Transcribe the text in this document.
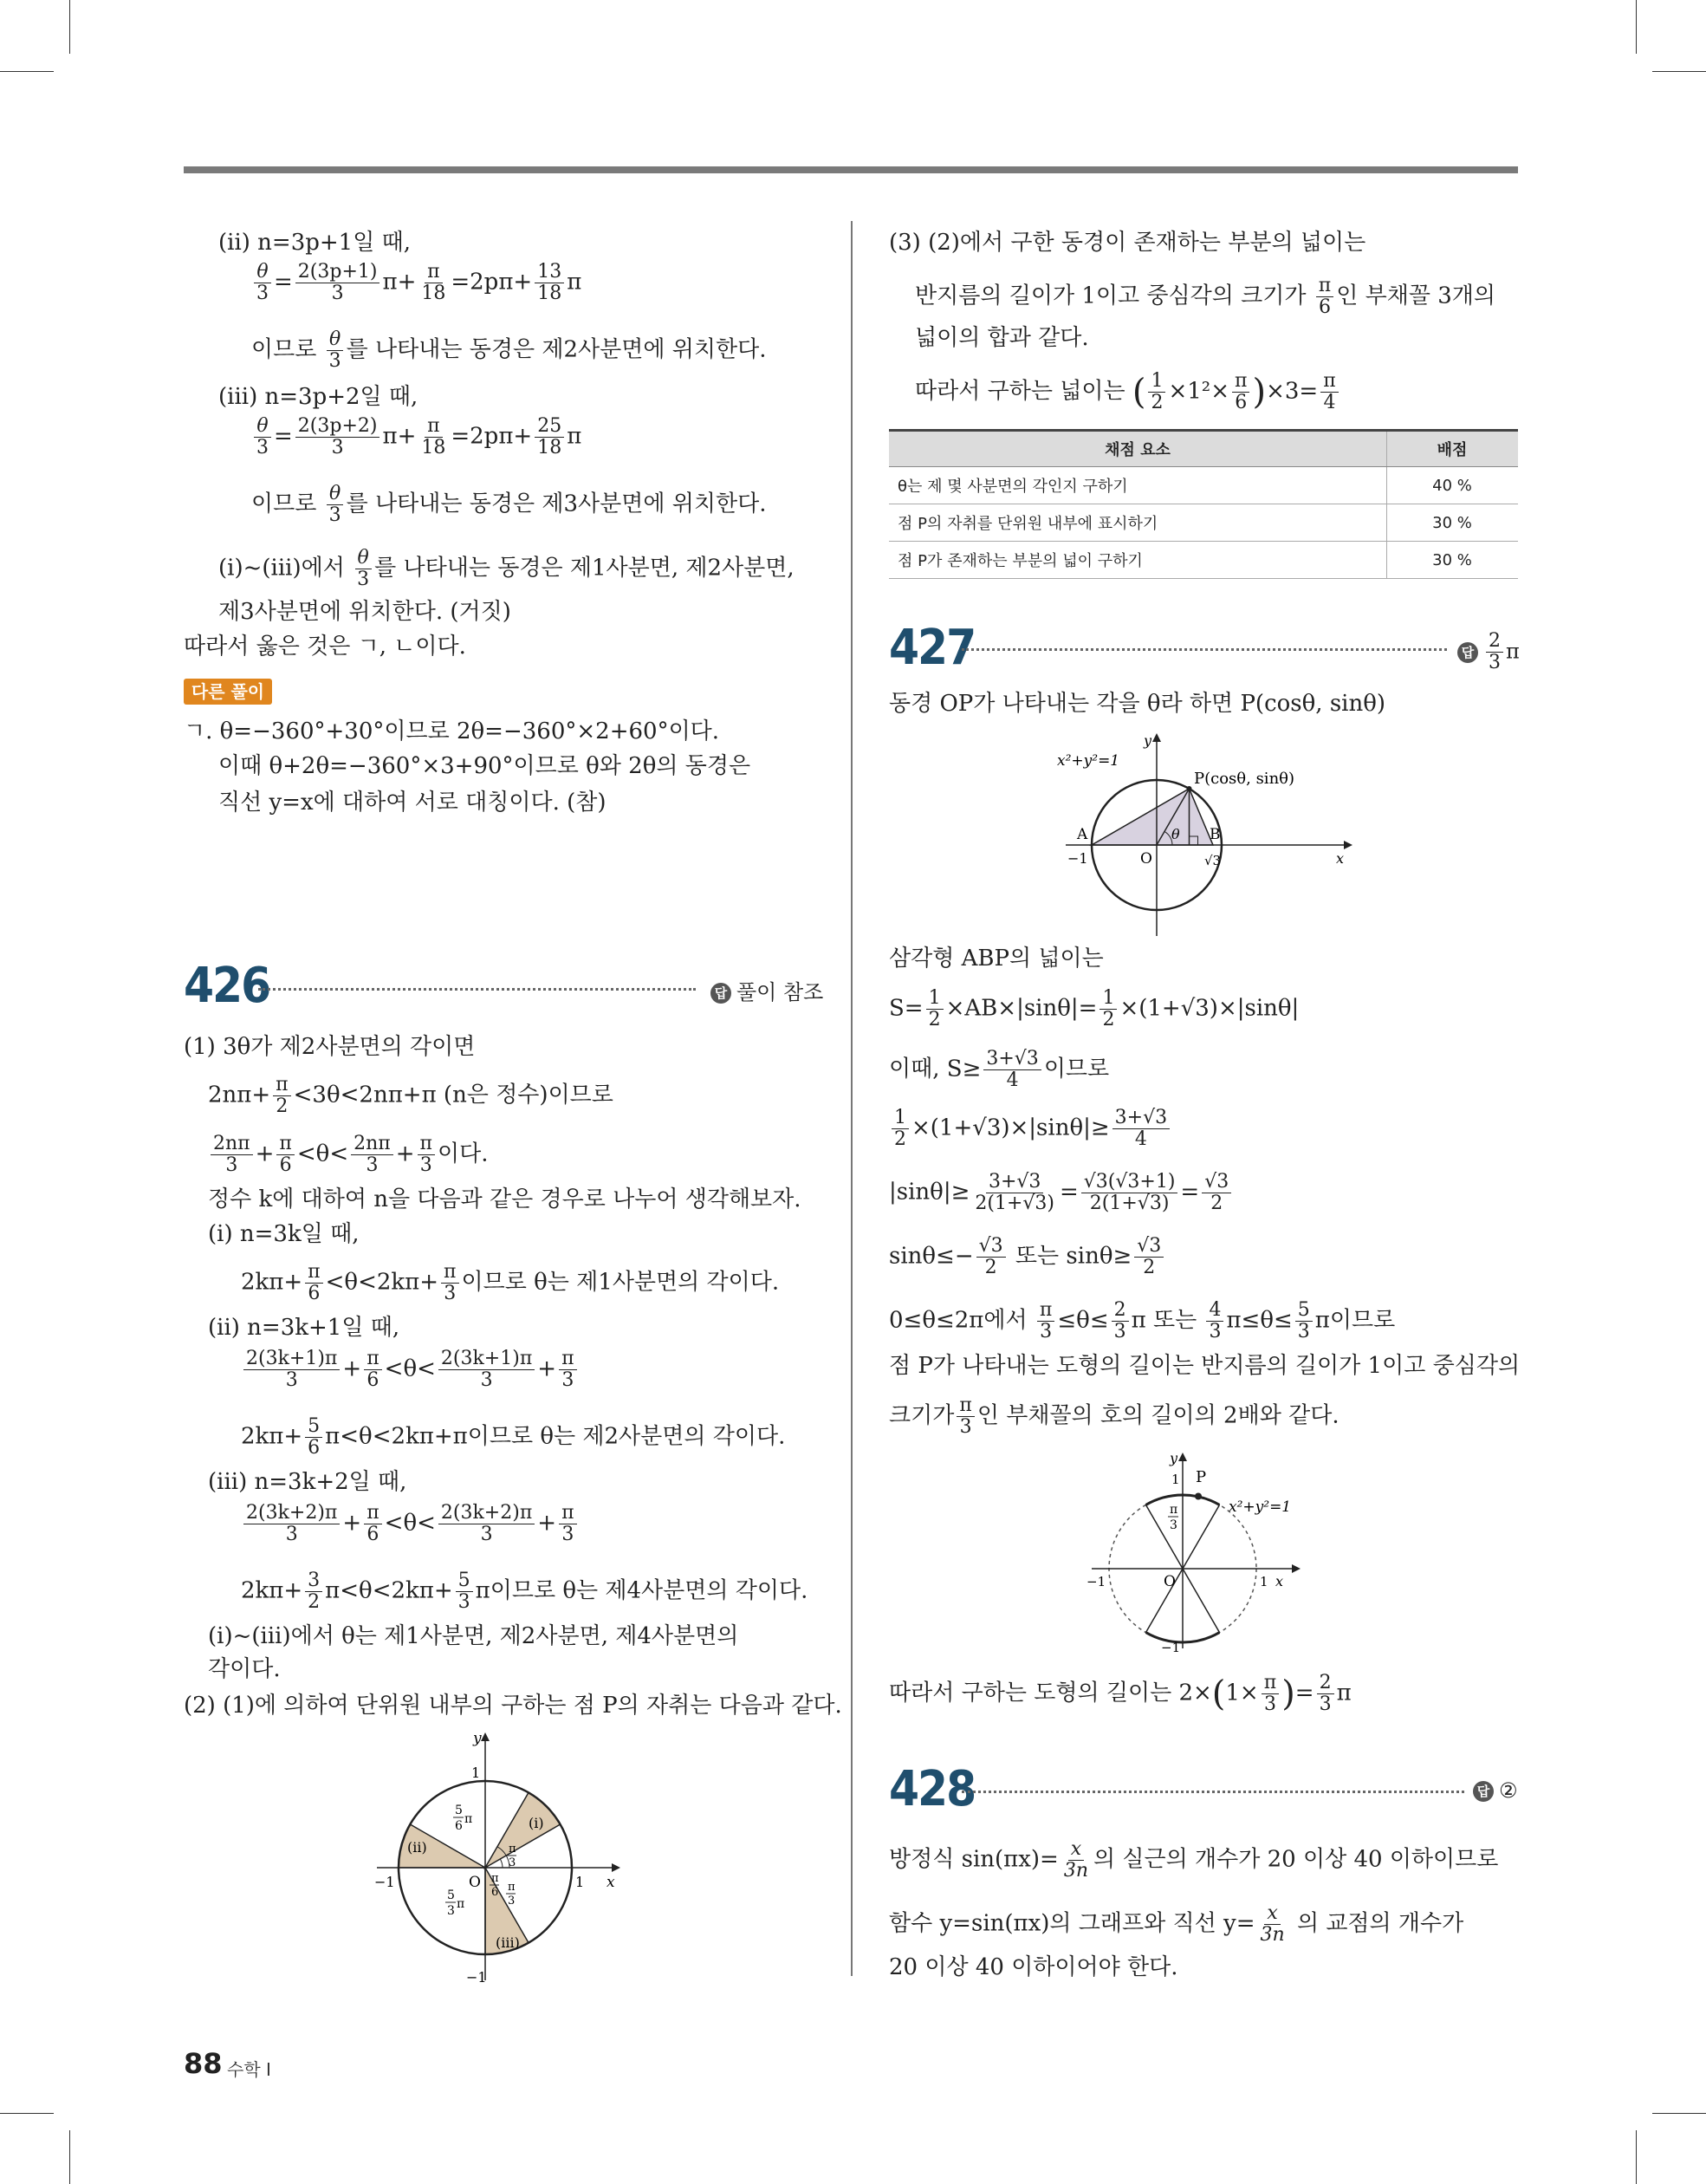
(ii) n=3p+1일 때,
$\frac{\theta}{3} = \frac{2(3p+1)}{3} \pi+ \frac{\pi}{18} =2p\pi+ \frac{13}{18}$ π
이므로 $\frac{\theta}{3}$ 를 나타내는 동경은 제2사분면에 위치한다.
(iii) n=3p+2일 때,
$\frac{\theta}{3} = \frac{2(3p+2)}{3} \pi+ \frac{\pi}{18} =2p\pi+ \frac{25}{18}$ π
이므로 $\frac{\theta}{3}$ 를 나타내는 동경은 제3사분면에 위치한다.
(i)~(iii)에서 $\frac{\theta}{3}$ 를 나타내는 동경은 제1사분면, 제2사분면,
제3사분면에 위치한다. (거짓)
따라서 옳은 것은 ㄱ, ㄴ이다.
다른 풀이
ㄱ. θ=−360°+30°이므로 2θ=−360°×2+60°이다.
이때 θ+2θ=−360°×3+90°이므로 θ와 2θ의 동경은
직선 y=x에 대하여 서로 대칭이다. (참)
426	답 풀이 참조
(1) 3θ가 제2사분면의 각이면
$2n\pi+ \frac{\pi}{2} <3\theta<2n\pi+\pi$ (n은 정수)이므로
$\frac{2n\pi}{3} + \frac{\pi}{6} <\theta< \frac{2n\pi}{3} + \frac{\pi}{3}$ 이다.
정수 k에 대하여 n을 다음과 같은 경우로 나누어 생각해보자.
(i) n=3k일 때,
$2k\pi+ \frac{\pi}{6} <\theta<2k\pi+ \frac{\pi}{3}$ 이므로 θ는 제1사분면의 각이다.
(ii) n=3k+1일 때,
$\frac{2(3k+1)\pi}{3} + \frac{\pi}{6} <\theta< \frac{2(3k+1)\pi}{3} + \frac{\pi}{3}$
$2k\pi+ \frac{5}{6} \pi<\theta<2k\pi+\pi$이므로 θ는 제2사분면의 각이다.
(iii) n=3k+2일 때,
$\frac{2(3k+2)\pi}{3} + \frac{\pi}{6} <\theta< \frac{2(3k+2)\pi}{3} + \frac{\pi}{3}$
$2k\pi+ \frac{3}{2} \pi<\theta<2k\pi+ \frac{5}{3}$ π이므로 θ는 제4사분면의 각이다.
(i)~(iii)에서 θ는 제1사분면, 제2사분면, 제4사분면의
각이다.
(2) (1)에 의하여 단위원 내부의 구하는 점 P의 자취는 다음과 같다.
y
x
1
1
−1
−1
O
(i)
(ii)
(iii)
5
6 π
5
3 π
π
3
π
6 π
3
(3) (2)에서 구한 동경이 존재하는 부분의 넓이는
반지름의 길이가 1이고 중심각의 크기가 $\frac{\pi}{6}$ 인 부채꼴 3개의
넓이의 합과 같다.
따라서 구하는 넓이는 ( $\frac{1}{2} \times 1^2\times \frac{\pi}{6} )\times 3= \frac{\pi}{4}$
채점 요소	배점
θ는 제 몇 사분면의 각인지 구하기	40 %
점 P의 자취를 단위원 내부에 표시하기	30 %
점 P가 존재하는 부분의 넓이 구하기	30 %
427	답 $\frac{2}{3}$ π
동경 OP가 나타내는 각을 θ라 하면 P(cosθ, sinθ)
y
x
x²+y²=1
P(cosθ, sinθ)
A	B
O
−1	√3
θ
삼각형 ABP의 넓이는
$S= \frac{1}{2} \times AB\times|\sin\theta|= \frac{1}{2} \times(1+√3)\times|\sin\theta|$
이때, $S\ge \frac{3+√3}{4}$ 이므로
$\frac{1}{2} \times(1+√3)\times|\sin\theta|\ge \frac{3+√3}{4}$
$|\sin\theta|\ge \frac{3+√3}{2(1+√3)} = \frac{√3(√3+1)}{2(1+√3)} = \frac{√3}{2}$
$\sin\theta\le- \frac{√3}{2}$ 또는 $\sin\theta\ge \frac{√3}{2}$
0≤θ≤2π에서 $\frac{\pi}{3} \le\theta\le \frac{2}{3}$ π 또는 $\frac{4}{3} \pi\le\theta\le \frac{5}{3}$ π이므로
점 P가 나타내는 도형의 길이는 반지름의 길이가 1이고 중심각의
크기가 $\frac{\pi}{3}$ 인 부채꼴의 호의 길이의 2배와 같다.
y
x
P
x²+y²=1
1
1
−1
−1
O
π
3
따라서 구하는 도형의 길이는 $2\times(1\times \frac{\pi}{3}$ )= $\frac{2}{3}$ π
428	답 ②
방정식 $\sin(\pi x)= \frac{x}{3n}$ 의 실근의 개수가 20 이상 40 이하이므로
함수 y=sin(πx)의 그래프와 직선 $y= \frac{x}{3n}$ 의 교점의 개수가
20 이상 40 이하이어야 한다.
88 수학 I
